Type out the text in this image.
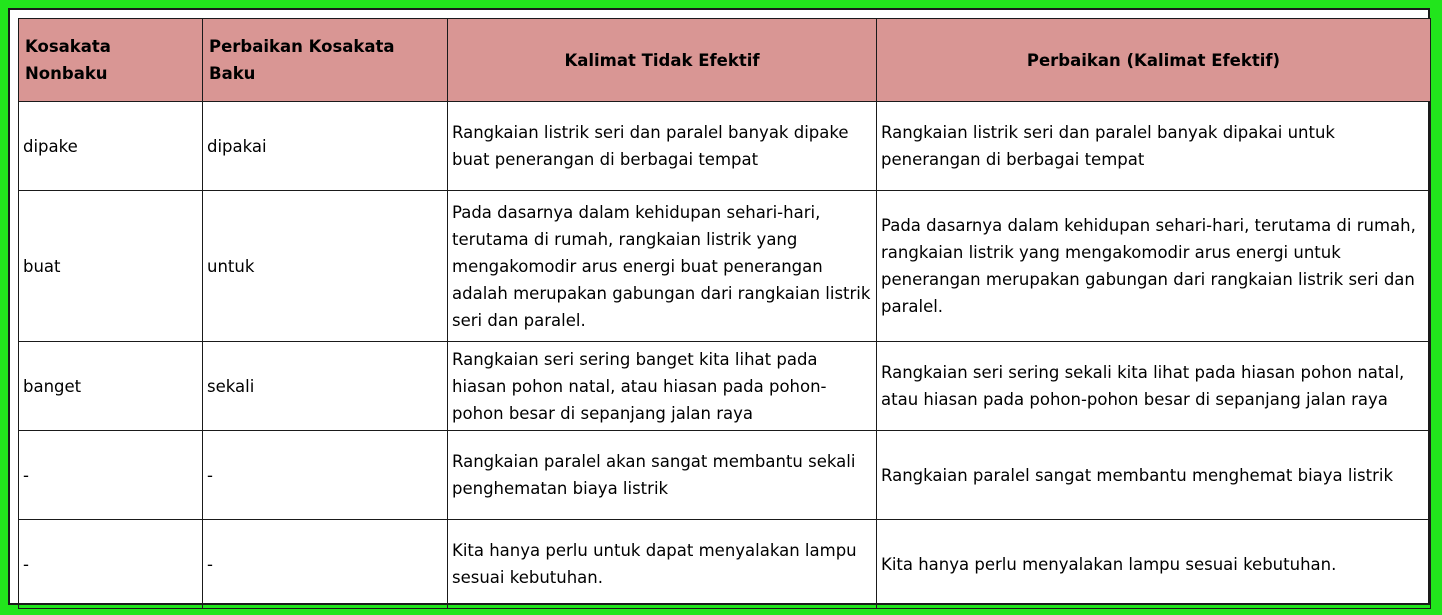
Kosakata Nonbaku	Perbaikan Kosakata Baku	Kalimat Tidak Efektif	Perbaikan (Kalimat Efektif)
dipake	dipakai	Rangkaian listrik seri dan paralel banyak dipake buat penerangan di berbagai tempat	Rangkaian listrik seri dan paralel banyak dipakai untuk penerangan di berbagai tempat
buat	untuk	Pada dasarnya dalam kehidupan sehari-hari, terutama di rumah, rangkaian listrik yang mengakomodir arus energi buat penerangan adalah merupakan gabungan dari rangkaian listrik seri dan paralel.	Pada dasarnya dalam kehidupan sehari-hari, terutama di rumah, rangkaian listrik yang mengakomodir arus energi untuk penerangan merupakan gabungan dari rangkaian listrik seri dan paralel.
banget	sekali	Rangkaian seri sering banget kita lihat pada hiasan pohon natal, atau hiasan pada pohon-pohon besar di sepanjang jalan raya	Rangkaian seri sering sekali kita lihat pada hiasan pohon natal, atau hiasan pada pohon-pohon besar di sepanjang jalan raya
-	-	Rangkaian paralel akan sangat membantu sekali penghematan biaya listrik	Rangkaian paralel sangat membantu menghemat biaya listrik
-	-	Kita hanya perlu untuk dapat menyalakan lampu sesuai kebutuhan.	Kita hanya perlu menyalakan lampu sesuai kebutuhan.
